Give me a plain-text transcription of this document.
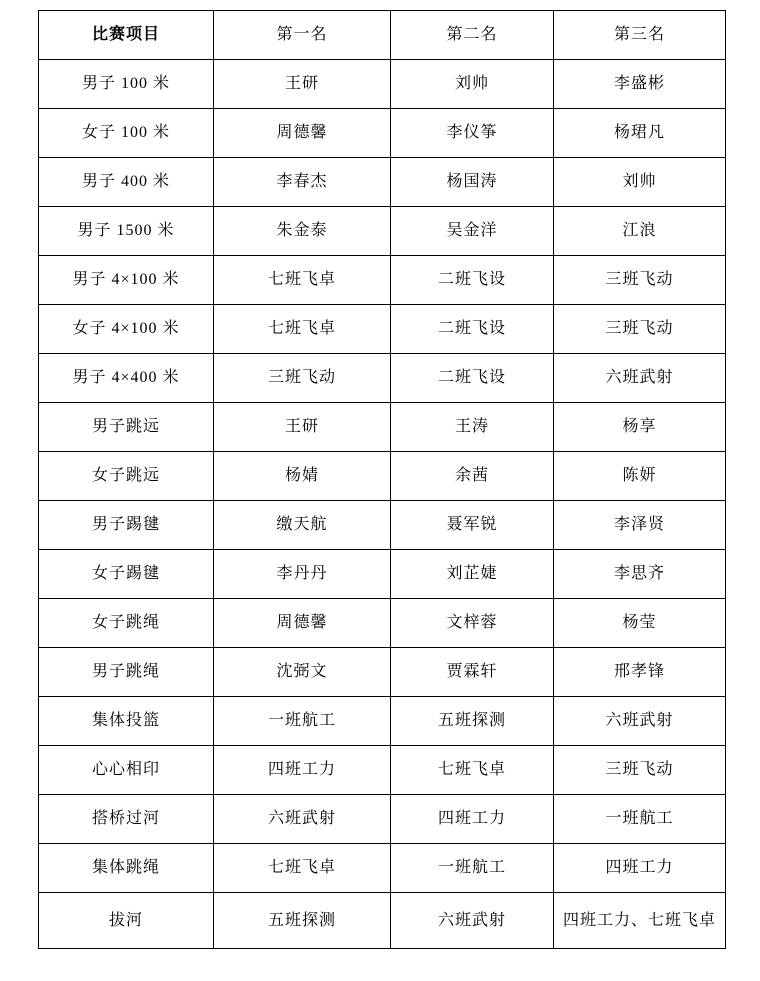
比赛项目	第一名	第二名	第三名
男子 100 米	王研	刘帅	李盛彬
女子 100 米	周德馨	李仪筝	杨珺凡
男子 400 米	李春杰	杨国涛	刘帅
男子 1500 米	朱金泰	吴金洋	江浪
男子 4×100 米	七班飞卓	二班飞设	三班飞动
女子 4×100 米	七班飞卓	二班飞设	三班飞动
男子 4×400 米	三班飞动	二班飞设	六班武射
男子跳远	王研	王涛	杨享
女子跳远	杨婧	余茜	陈妍
男子踢毽	缴天航	聂军锐	李泽贤
女子踢毽	李丹丹	刘芷婕	李思齐
女子跳绳	周德馨	文梓蓉	杨莹
男子跳绳	沈弼文	贾霖轩	邢孝锋
集体投篮	一班航工	五班探测	六班武射
心心相印	四班工力	七班飞卓	三班飞动
搭桥过河	六班武射	四班工力	一班航工
集体跳绳	七班飞卓	一班航工	四班工力
拔河	五班探测	六班武射	四班工力、七班飞卓
